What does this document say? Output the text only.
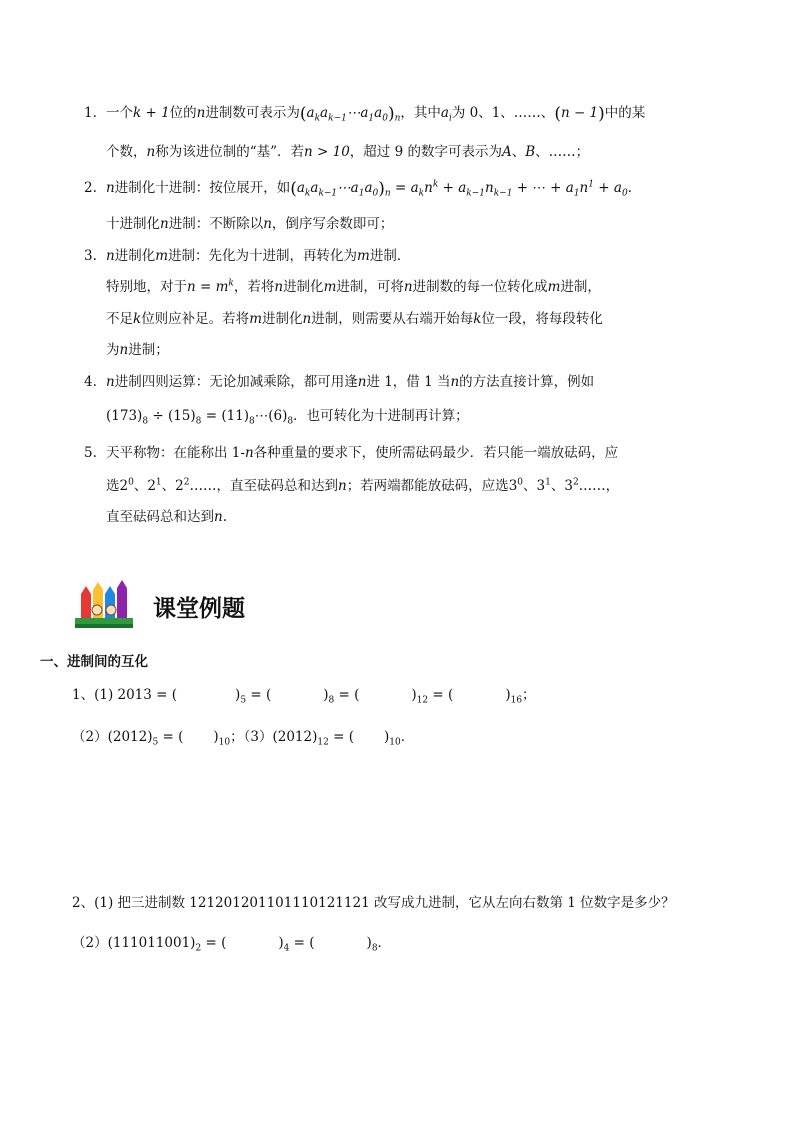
1. 一个k + 1位的n进制数可表示为$(a_ka_{k-1}\cdots a_1a_0)_n$，其中$a_i$为 0、1、……、(n − 1)中的某
个数，n称为该进位制的“基”．若n > 10，超过 9 的数字可表示为A、B、……；
2. n进制化十进制：按位展开，如$(a_ka_{k-1}\cdots a_1a_0)_n = a_kn^k + a_{k-1}n_{k-1}$ + ⋯ + $a_1n^1 + a_0$．
十进制化n进制：不断除以n，倒序写余数即可；
3. n进制化m进制：先化为十进制，再转化为m进制．
特别地，对于$n = m^k$，若将n进制化m进制，可将n进制数的每一位转化成m进制，
不足k位则应补足。若将m进制化n进制，则需要从右端开始每k位一段，将每段转化
为n进制；
4. n进制四则运算：无论加减乘除，都可用逢n进 1，借 1 当n的方法直接计算，例如
$(173)_8 \div (15)_8$ = $(11)_8\cdots(6)_8$．也可转化为十进制再计算；
5. 天平称物：在能称出 1-n各种重量的要求下，使所需砝码最少．若只能一端放砝码，应
选$2^0$、$2^1$、$2^2\dots\dots$，直至砝码总和达到n；若两端都能放砝码，应选$3^0$、$3^1$、$3^2\dots\dots$，
直至砝码总和达到n.
课堂例题
一、进制间的互化
1、(1) 2013 = (	)$_5$ = (	)$_8$ = (	)$_{12}$ = (	)$_{16}$；
$(2)(2012)_5$ = ( )$_{10}$；$(3)(2012)_{12}$ = ( )$_{10}$．
2、(1) 把三进制数 121201201101110121121 改写成九进制，它从左向右数第 1 位数字是多少？
$(2)(111011001)_2$ = (	)$_4$ = (	)$_8$．
